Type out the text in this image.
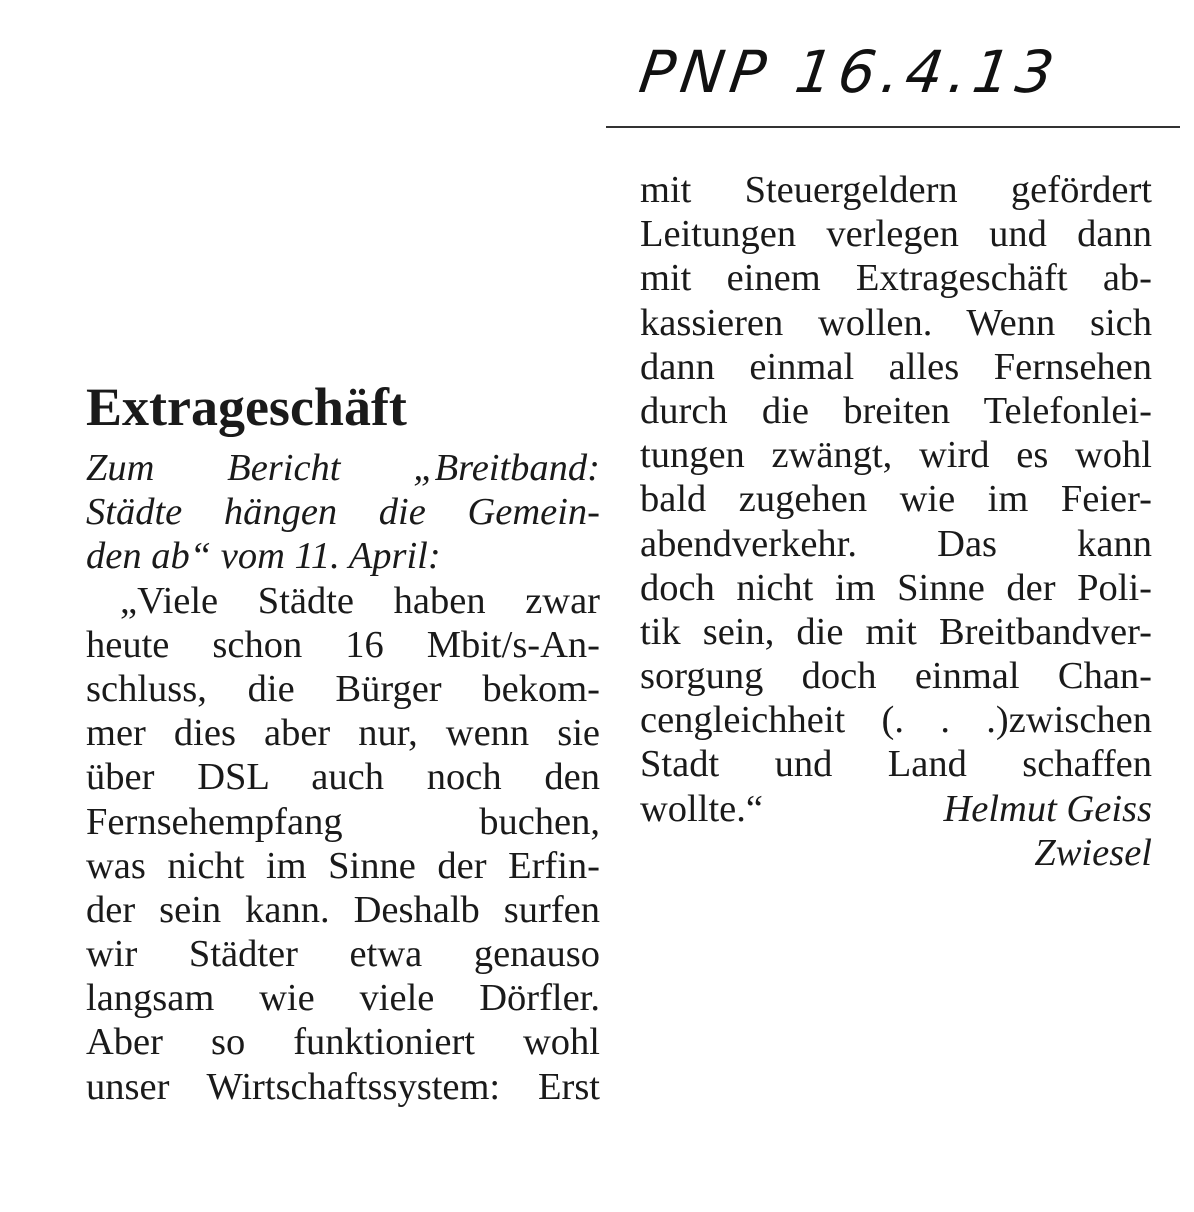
PNP 16.4.13
Extrageschäft
Zum Bericht „Breitband:
Städte hängen die Gemein-
den ab“ vom 11. April:
„Viele Städte haben zwar
heute schon 16 Mbit/s-An-
schluss, die Bürger bekom-
mer dies aber nur, wenn sie
über DSL auch noch den
Fernsehempfang buchen,
was nicht im Sinne der Erfin-
der sein kann. Deshalb surfen
wir Städter etwa genauso
langsam wie viele Dörfler.
Aber so funktioniert wohl
unser Wirtschaftssystem: Erst
mit Steuergeldern gefördert
Leitungen verlegen und dann
mit einem Extrageschäft ab-
kassieren wollen. Wenn sich
dann einmal alles Fernsehen
durch die breiten Telefonlei-
tungen zwängt, wird es wohl
bald zugehen wie im Feier-
abendverkehr. Das kann
doch nicht im Sinne der Poli-
tik sein, die mit Breitbandver-
sorgung doch einmal Chan-
cengleichheit (. . .)zwischen
Stadt und Land schaffen
wollte.“	Helmut Geiss
Zwiesel
